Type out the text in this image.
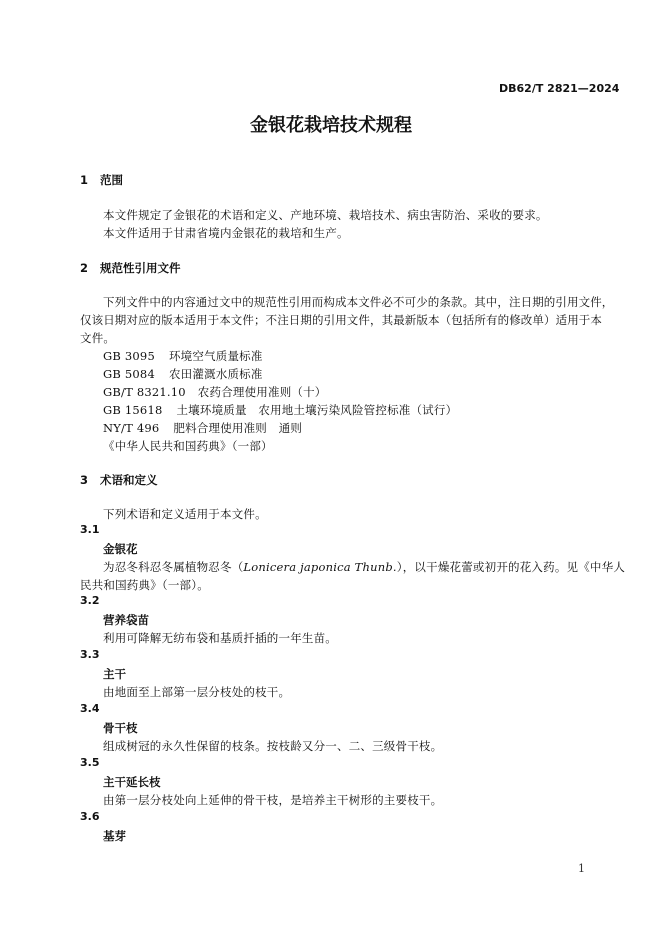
DB62/T 2821—2024
金银花栽培技术规程
1 范围
本文件规定了金银花的术语和定义、产地环境、栽培技术、病虫害防治、采收的要求。
本文件适用于甘肃省境内金银花的栽培和生产。
2 规范性引用文件
下列文件中的内容通过文中的规范性引用而构成本文件必不可少的条款。其中，注日期的引用文件，
仅该日期对应的版本适用于本文件；不注日期的引用文件，其最新版本（包括所有的修改单）适用于本
文件。
GB 3095 环境空气质量标准
GB 5084 农田灌溉水质标准
GB/T 8321.10 农药合理使用准则（十）
GB 15618 土壤环境质量　农用地土壤污染风险管控标准（试行）
NY/T 496 肥料合理使用准则　通则
《中华人民共和国药典》（一部）
3 术语和定义
下列术语和定义适用于本文件。
3.1
金银花
为忍冬科忍冬属植物忍冬（Lonicera japonica Thunb.），以干燥花蕾或初开的花入药。见《中华人
民共和国药典》（一部）。
3.2
营养袋苗
利用可降解无纺布袋和基质扦插的一年生苗。
3.3
主干
由地面至上部第一层分枝处的枝干。
3.4
骨干枝
组成树冠的永久性保留的枝条。按枝龄又分一、二、三级骨干枝。
3.5
主干延长枝
由第一层分枝处向上延伸的骨干枝，是培养主干树形的主要枝干。
3.6
基芽
1
